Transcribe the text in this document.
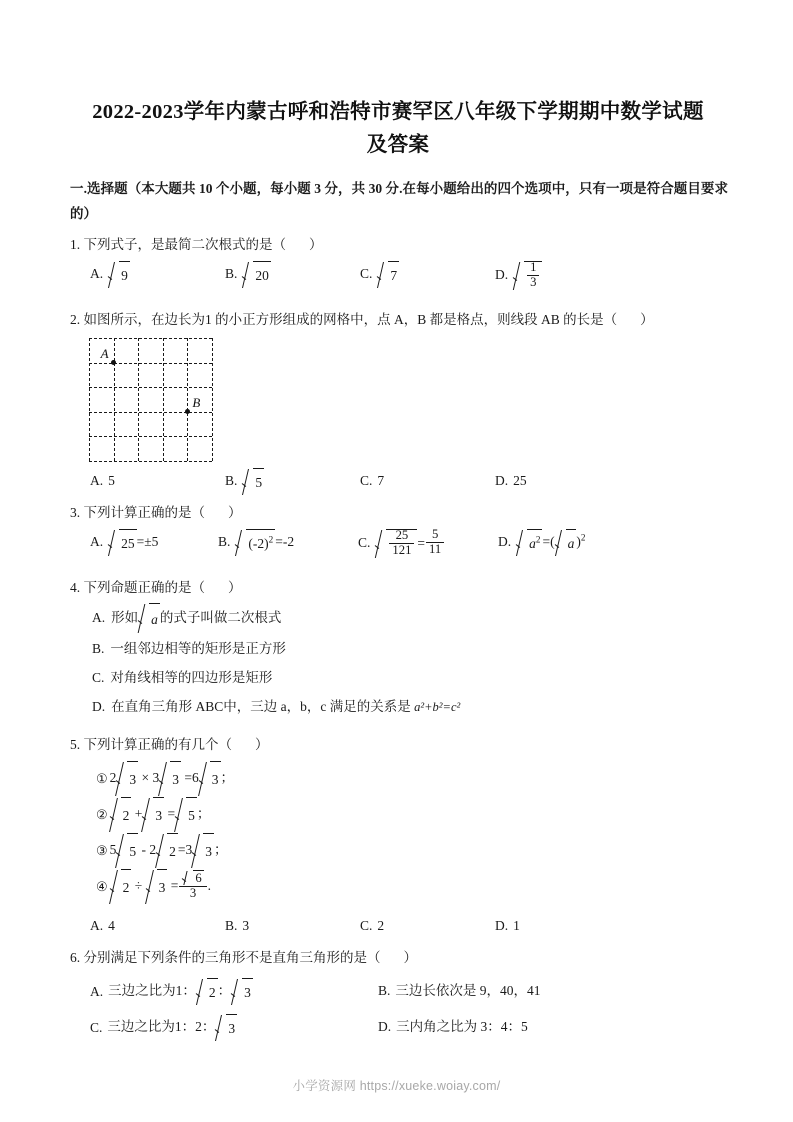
2022-2023学年内蒙古呼和浩特市赛罕区八年级下学期期中数学试题
及答案
一.选择题（本大题共 10 个小题，每小题 3 分，共 30 分.在每小题给出的四个选项中，只有一项是符合题目要求的）
1. 下列式子，是最简二次根式的是（ ）
A. 9	B. 20	C. 7	D. $\frac{1}{3}$
2. 如图所示，在边长为1 的小正方形组成的网格中，点 A，B 都是格点，则线段 AB 的长是（ ）
A
B
A. 5	B. 5	C. 7	D. 25
3. 下列计算正确的是（ ）
A. 25 =±5	B. $(-2)^2 =-2$	C. $\frac{25}{121} = \frac{5}{11}$	D. $a^2$ =( a )$^2$
4. 下列命题正确的是（ ）
A. 形如 a 的式子叫做二次根式
B. 一组邻边相等的矩形是正方形
C. 对角线相等的四边形是矩形
D. 在直角三角形 ABC中，三边 a，b，c 满足的关系是 a²+b²=c²
5. 下列计算正确的有几个（ ）
① 2 3 × 3 3 =6 3 ；
② 2 + 3 = 5 ；
③ 5 5 - 2 2 =3 3 ；
④ $2 \div 3 = \frac{6}{3}$ .
A. 4	B. 3	C. 2	D. 1
6. 分别满足下列条件的三角形不是直角三角形的是（ ）
A. 三边之比为1： 2 ： 3	B. 三边长依次是 9，40，41
C. 三边之比为1：2： 3	D. 三内角之比为 3：4：5
小学资源网 https://xueke.woiay.com/
